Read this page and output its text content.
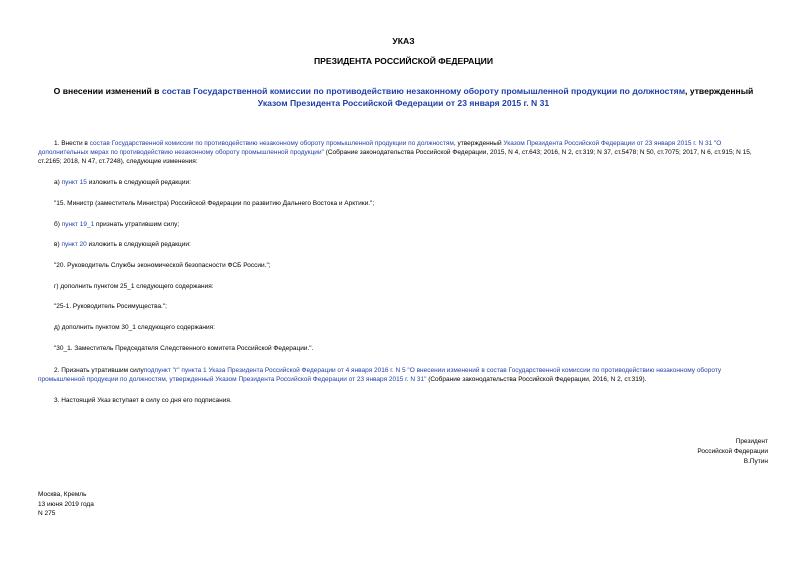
УКАЗ
ПРЕЗИДЕНТА РОССИЙСКОЙ ФЕДЕРАЦИИ
О внесении изменений в состав Государственной комиссии по противодействию незаконному обороту промышленной продукции по должностям, утвержденный
Указом Президента Российской Федерации от 23 января 2015 г. N 31
1. Внести в состав Государственной комиссии по противодействию незаконному обороту промышленной продукции по должностям, утвержденный Указом Президента Российской Федерации от 23 января 2015 г. N 31 "О дополнительных мерах по противодействию незаконному обороту промышленной продукции" (Собрание законодательства Российской Федерации, 2015, N 4, ст.643; 2016, N 2, ст.319; N 37, ст.5478; N 50, ст.7075; 2017, N 6, ст.915; N 15, ст.2165; 2018, N 47, ст.7248), следующие изменения:
а) пункт 15 изложить в следующей редакции:
"15. Министр (заместитель Министра) Российской Федерации по развитию Дальнего Востока и Арктики.";
б) пункт 19_1 признать утратившим силу;
в) пункт 20 изложить в следующей редакции:
"20. Руководитель Службы экономической безопасности ФСБ России.";
г) дополнить пунктом 25_1 следующего содержания:
"25-1. Руководитель Росимущества.";
д) дополнить пунктом 30_1 следующего содержания:
"30_1. Заместитель Председателя Следственного комитета Российской Федерации.".
2. Признать утратившим силуподпункт "г" пункта 1 Указа Президента Российской Федерации от 4 января 2016 г. N 5 "О внесении изменений в состав Государственной комиссии по противодействию незаконному обороту промышленной продукции по должностям, утвержденный Указом Президента Российской Федерации от 23 января 2015 г. N 31" (Собрание законодательства Российской Федерации, 2016, N 2, ст.319).
3. Настоящий Указ вступает в силу со дня его подписания.
Президент
Российской Федерации
В.Путин
Москва, Кремль
13 июня 2019 года
N 275
